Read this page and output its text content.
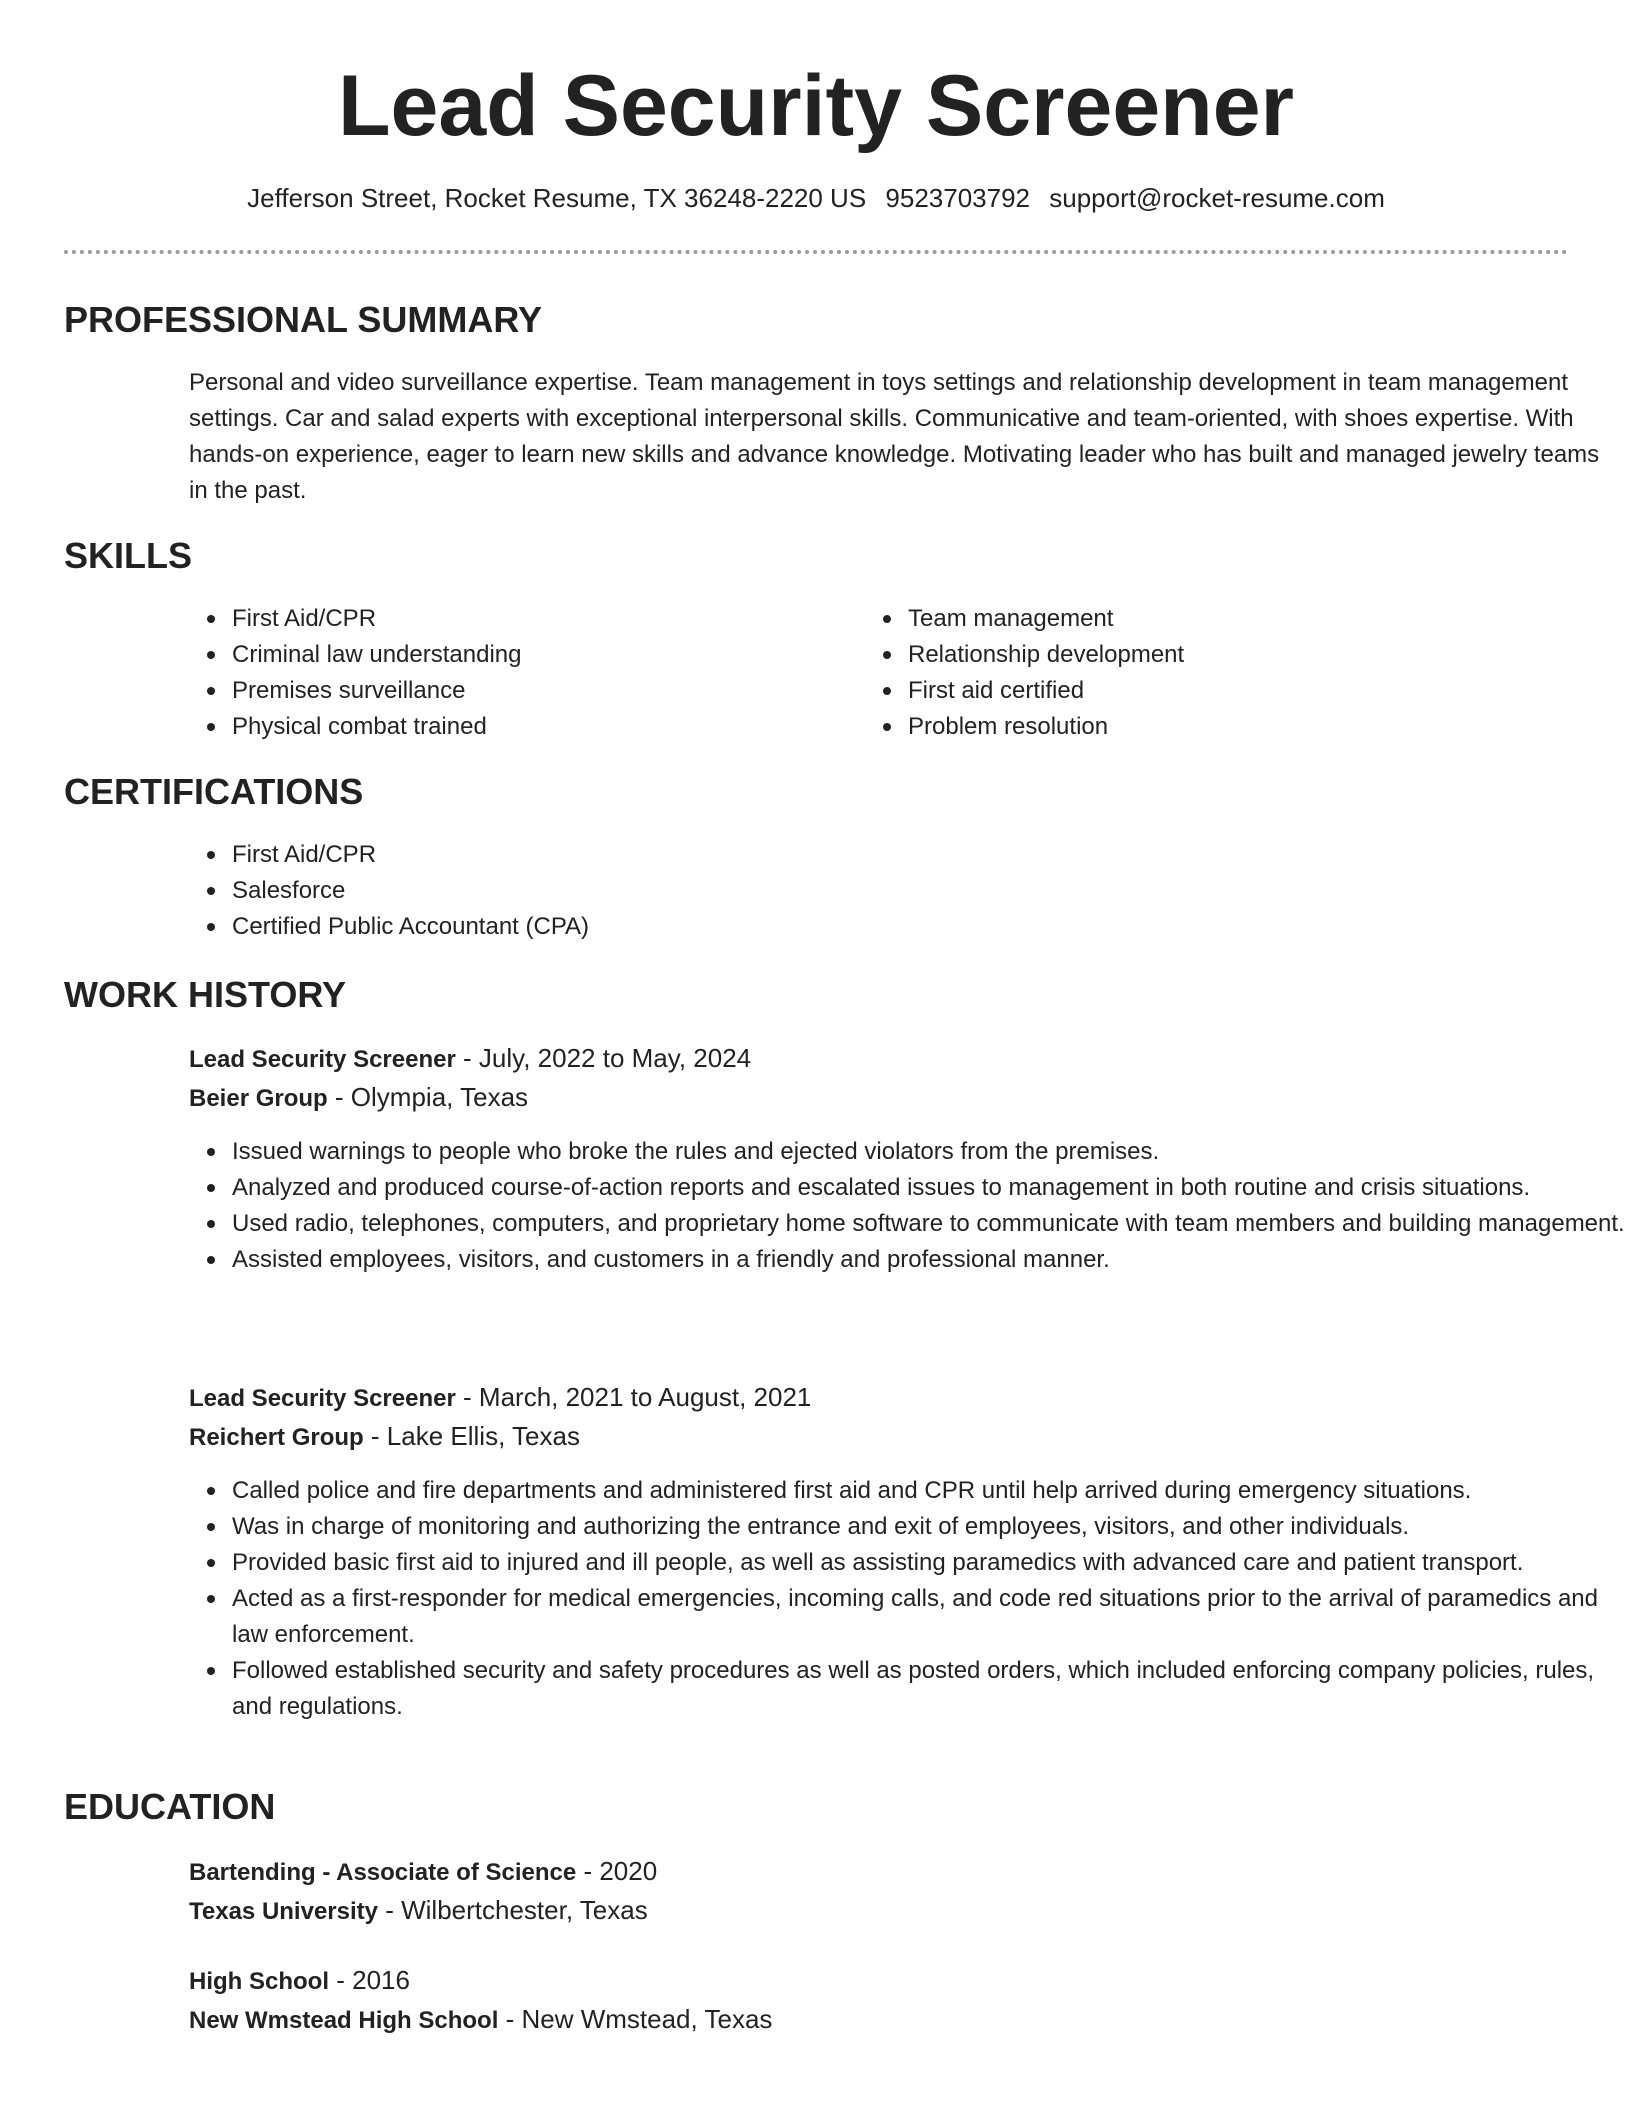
Lead Security Screener
Jefferson Street, Rocket Resume, TX 36248-2220 US 9523703792 support@rocket-resume.com
PROFESSIONAL SUMMARY

Personal and video surveillance expertise. Team management in toys settings and relationship development in team management settings. Car and salad experts with exceptional interpersonal skills. Communicative and team-oriented, with shoes expertise. With hands-on experience, eager to learn new skills and advance knowledge. Motivating leader who has built and managed jewelry teams in the past.

SKILLS
First Aid/CPR
Criminal law understanding
Premises surveillance
Physical combat trained
Team management
Relationship development
First aid certified
Problem resolution
CERTIFICATIONS
First Aid/CPR
Salesforce
Certified Public Accountant (CPA)
WORK HISTORY
Lead Security Screener - July, 2022 to May, 2024
Beier Group - Olympia, Texas
Issued warnings to people who broke the rules and ejected violators from the premises.
Analyzed and produced course-of-action reports and escalated issues to management in both routine and crisis situations.
Used radio, telephones, computers, and proprietary home software to communicate with team members and building management.
Assisted employees, visitors, and customers in a friendly and professional manner.
Lead Security Screener - March, 2021 to August, 2021
Reichert Group - Lake Ellis, Texas
Called police and fire departments and administered first aid and CPR until help arrived during emergency situations.
Was in charge of monitoring and authorizing the entrance and exit of employees, visitors, and other individuals.
Provided basic first aid to injured and ill people, as well as assisting paramedics with advanced care and patient transport.
Acted as a first-responder for medical emergencies, incoming calls, and code red situations prior to the arrival of paramedics and law enforcement.
Followed established security and safety procedures as well as posted orders, which included enforcing company policies, rules, and regulations.
EDUCATION
Bartending - Associate of Science - 2020
Texas University - Wilbertchester, Texas
High School - 2016
New Wmstead High School - New Wmstead, Texas
